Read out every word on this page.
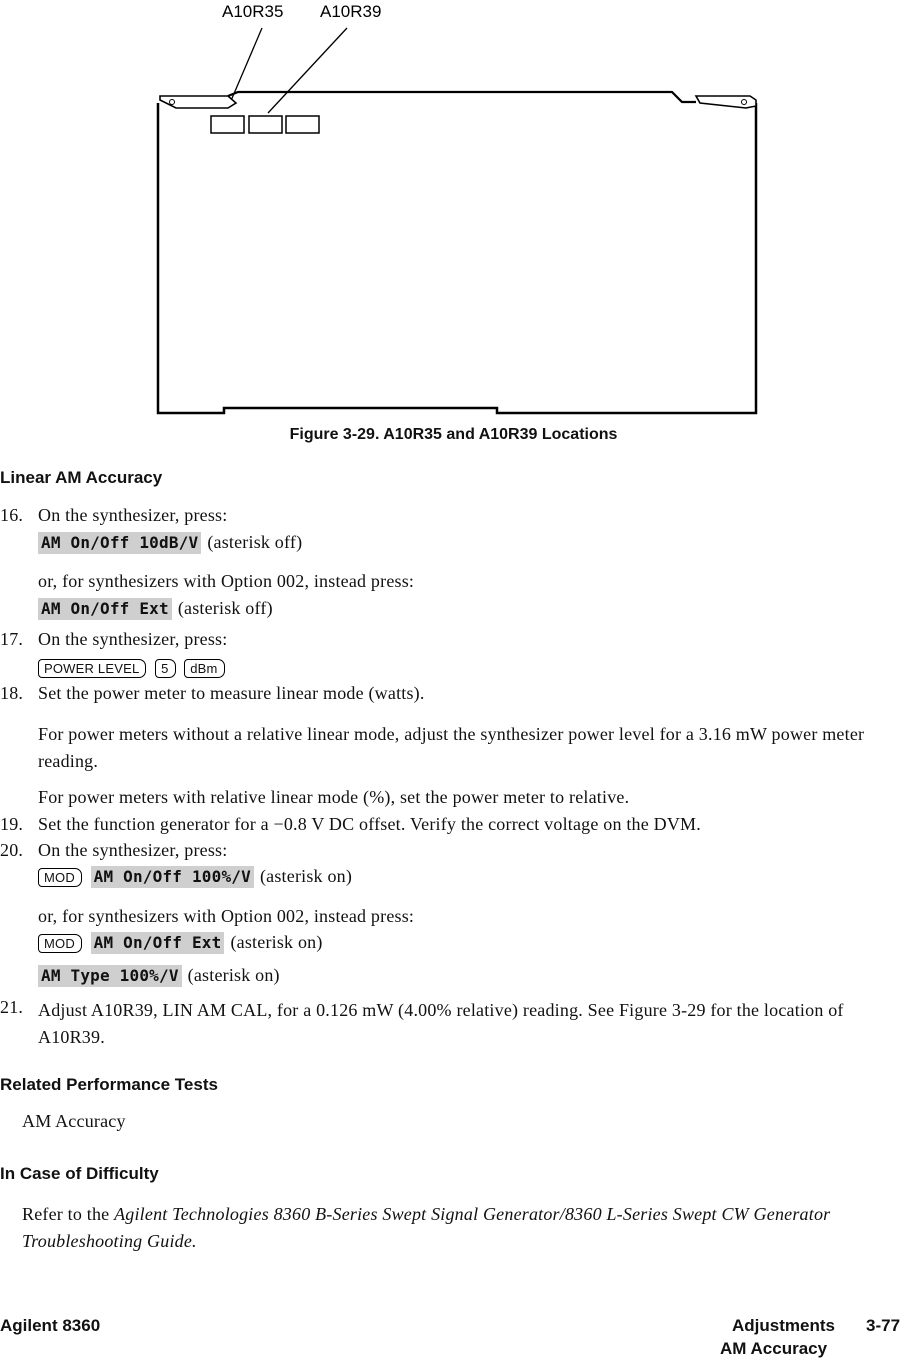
A10R35 A10R39
Figure 3-29. A10R35 and A10R39 Locations
Linear AM Accuracy
16. On the synthesizer, press:
AM On/Off 10dB/V (asterisk off)
or, for synthesizers with Option 002, instead press:
AM On/Off Ext (asterisk off)
17. On the synthesizer, press:
POWER LEVEL 5 dBm
18. Set the power meter to measure linear mode (watts).
For power meters without a relative linear mode, adjust the synthesizer power level for a 3.16 mW power meter reading.
For power meters with relative linear mode (%), set the power meter to relative.
19. Set the function generator for a −0.8 V DC offset. Verify the correct voltage on the DVM.
20. On the synthesizer, press:
MOD AM On/Off 100%/V (asterisk on)
or, for synthesizers with Option 002, instead press:
MOD AM On/Off Ext (asterisk on)
AM Type 100%/V (asterisk on)
21. Adjust A10R39, LIN AM CAL, for a 0.126 mW (4.00% relative) reading. See Figure 3-29 for the location of A10R39.
Related Performance Tests
AM Accuracy
In Case of Difficulty
Refer to the Agilent Technologies 8360 B-Series Swept Signal Generator/8360 L-Series Swept CW Generator Troubleshooting Guide.
Agilent 8360	Adjustments 3-77
AM Accuracy
